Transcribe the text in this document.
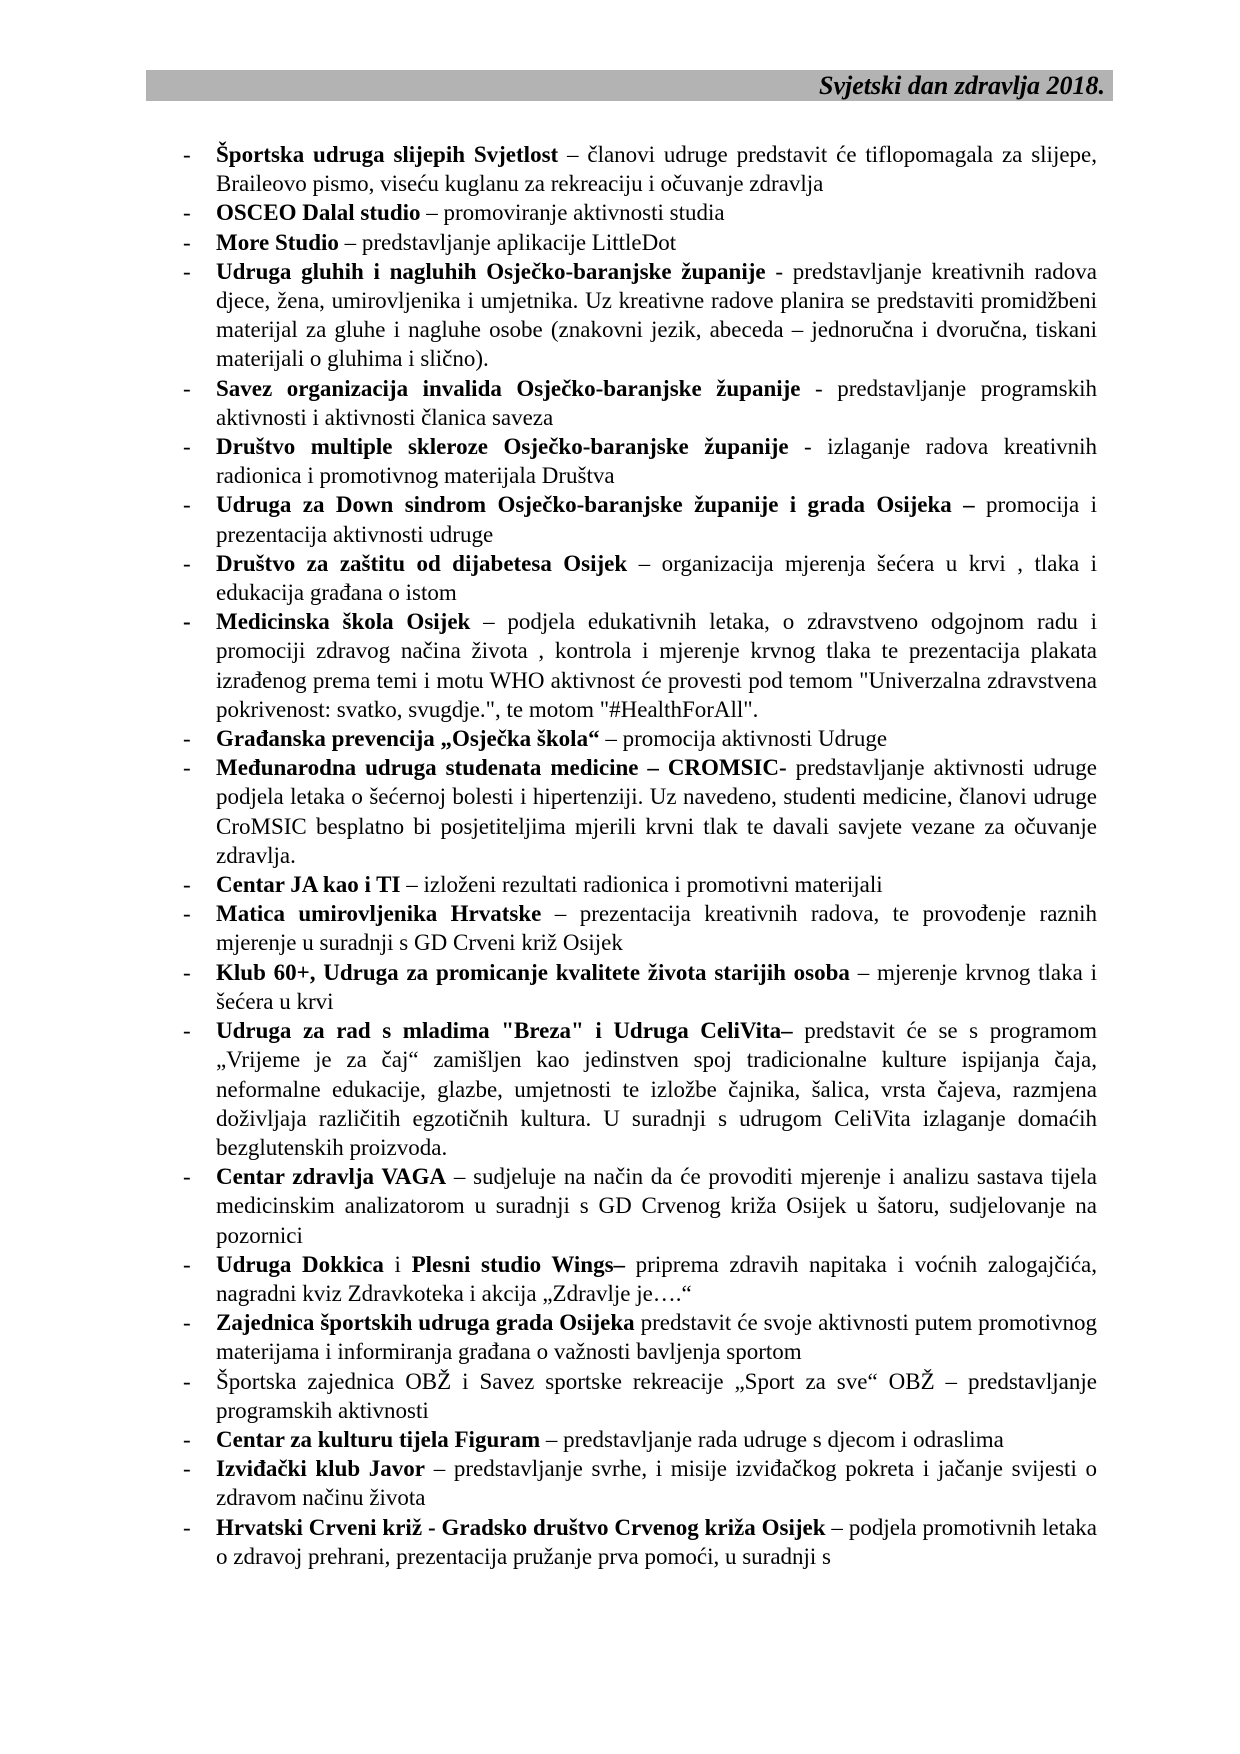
Svjetski dan zdravlja 2018.
- Športska udruga slijepih Svjetlost – članovi udruge predstavit će tiflopomagala za slijepe, Braileovo pismo, viseću kuglanu za rekreaciju i očuvanje zdravlja
- OSCEO Dalal studio – promoviranje aktivnosti studia
- More Studio – predstavljanje aplikacije LittleDot
- Udruga gluhih i nagluhih Osječko-baranjske županije - predstavljanje kreativnih radova djece, žena, umirovljenika i umjetnika. Uz kreativne radove planira se predstaviti promidžbeni materijal za gluhe i nagluhe osobe (znakovni jezik, abeceda – jednoručna i dvoručna, tiskani materijali o gluhima i slično).
- Savez organizacija invalida Osječko-baranjske županije - predstavljanje programskih aktivnosti i aktivnosti članica saveza
- Društvo multiple skleroze Osječko-baranjske županije - izlaganje radova kreativnih radionica i promotivnog materijala Društva
- Udruga za Down sindrom Osječko-baranjske županije i grada Osijeka – promocija i prezentacija aktivnosti udruge
- Društvo za zaštitu od dijabetesa Osijek – organizacija mjerenja šećera u krvi , tlaka i edukacija građana o istom
- Medicinska škola Osijek – podjela edukativnih letaka, o zdravstveno odgojnom radu i promociji zdravog načina života , kontrola i mjerenje krvnog tlaka te prezentacija plakata izrađenog prema temi i motu WHO aktivnost će provesti pod temom "Univerzalna zdravstvena pokrivenost: svatko, svugdje.", te motom "#HealthForAll".
- Građanska prevencija „Osječka škola“ – promocija aktivnosti Udruge
- Međunarodna udruga studenata medicine – CROMSIC- predstavljanje aktivnosti udruge podjela letaka o šećernoj bolesti i hipertenziji. Uz navedeno, studenti medicine, članovi udruge CroMSIC besplatno bi posjetiteljima mjerili krvni tlak te davali savjete vezane za očuvanje zdravlja.
- Centar JA kao i TI – izloženi rezultati radionica i promotivni materijali
- Matica umirovljenika Hrvatske – prezentacija kreativnih radova, te provođenje raznih mjerenje u suradnji s GD Crveni križ Osijek
- Klub 60+, Udruga za promicanje kvalitete života starijih osoba – mjerenje krvnog tlaka i šećera u krvi
- Udruga za rad s mladima "Breza" i Udruga CeliVita– predstavit će se s programom „Vrijeme je za čaj“ zamišljen kao jedinstven spoj tradicionalne kulture ispijanja čaja, neformalne edukacije, glazbe, umjetnosti te izložbe čajnika, šalica, vrsta čajeva, razmjena doživljaja različitih egzotičnih kultura. U suradnji s udrugom CeliVita izlaganje domaćih bezglutenskih proizvoda.
- Centar zdravlja VAGA – sudjeluje na način da će provoditi mjerenje i analizu sastava tijela medicinskim analizatorom u suradnji s GD Crvenog križa Osijek u šatoru, sudjelovanje na pozornici
- Udruga Dokkica i Plesni studio Wings– priprema zdravih napitaka i voćnih zalogajčića, nagradni kviz Zdravkoteka i akcija „Zdravlje je….“
- Zajednica športskih udruga grada Osijeka predstavit će svoje aktivnosti putem promotivnog materijama i informiranja građana o važnosti bavljenja sportom
- Športska zajednica OBŽ i Savez sportske rekreacije „Sport za sve“ OBŽ – predstavljanje programskih aktivnosti
- Centar za kulturu tijela Figuram – predstavljanje rada udruge s djecom i odraslima
- Izviđački klub Javor – predstavljanje svrhe, i misije izviđačkog pokreta i jačanje svijesti o zdravom načinu života
- Hrvatski Crveni križ - Gradsko društvo Crvenog križa Osijek – podjela promotivnih letaka o zdravoj prehrani, prezentacija pružanje prva pomoći, u suradnji s
